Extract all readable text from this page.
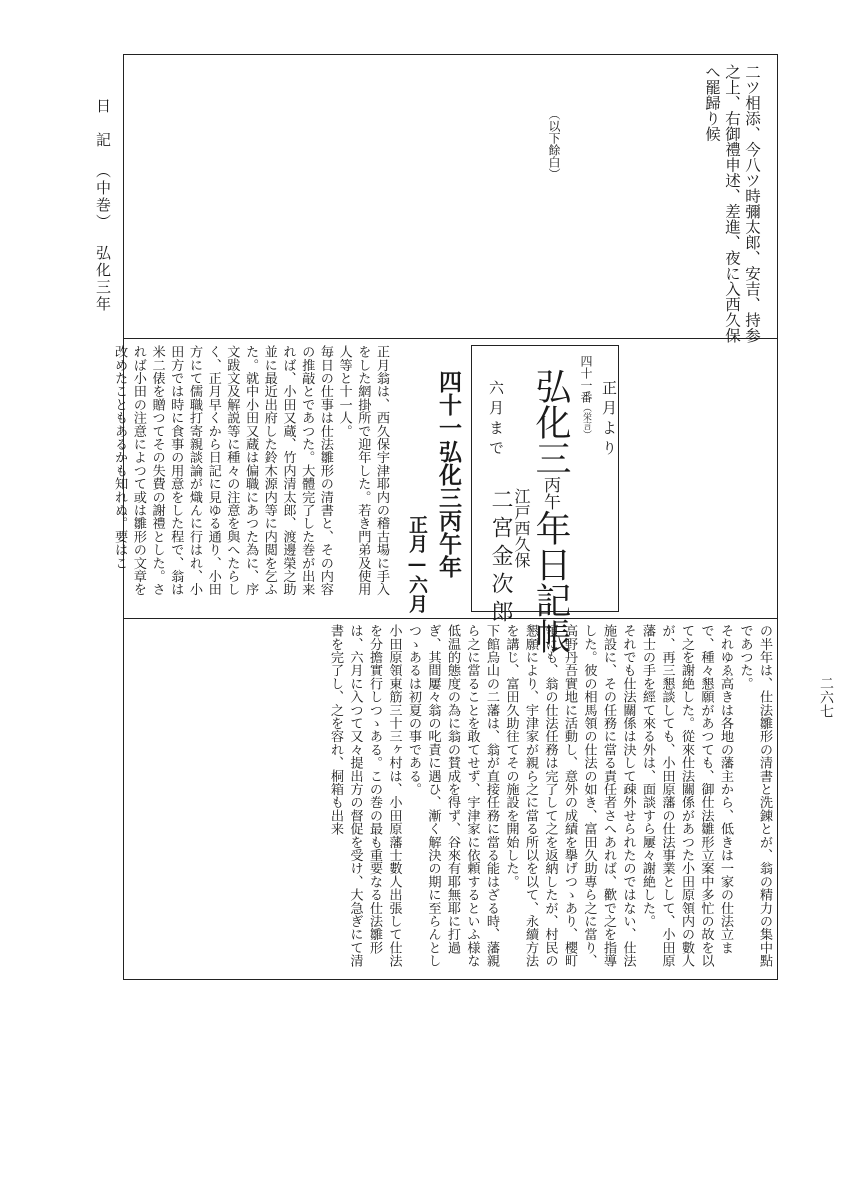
日　記（中巻）弘化三年
二六七
二ツ相添、今八ツ時彌太郎、安吉、持参
之上、右御禮申述、差進、夜に入西久保
へ罷歸り候
（以下餘白）
四十一番（栄言） 正月より
弘化三丙午年日記帳
江戸西久保
二宮金次郎
六月まで
四十一
弘化三丙午年
正月—六月
正月翁は、西久保宇津耶内の稽古場に手入をした網掛所で迎年した。若き門弟及使用人等と十一人。
毎日の仕事は仕法雛形の清書と、その内容の推敲とであつた。大體完了した巻が出来れば、小田又蔵、竹内清太郎、渡邊榮之助並に最近出府した鈴木源内等に内閲を乞ふた。就中小田又蔵は偏職にあつた為に、序文跋文及解説等に種々の注意を與へたらしく、正月早くから日記に見ゆる通り、小田方にて儒職打寄親談論が熾んに行はれ、小田方では時に食事の用意をした程で、翁は米二俵を贈つてその失費の謝禮とした。されば小田の注意によつて或は雛形の文章を改めたこともあるかも知れぬ。要はこ
の半年は、仕法雛形の清書と洗錬とが、翁の精力の集中點であつた。
それゆゑ高きは各地の藩主から、低きは一家の仕法立まで、種々懇願があつても、御仕法雛形立案中多忙の故を以て之を謝絶した。從來仕法關係があつた小田原領内の數人が、再三懇談しても、小田原藩の仕法事業として、小田原藩士の手を經て來る外は、面談すら屢々謝絶した。
それでも仕法關係は決して疎外せられたのではない、仕法施設に、その任務に當る責任者さへあれば、歡で之を指導した。彼の相馬領の仕法の如き、富田久助專ら之に當り、高野丹吾實地に活動し、意外の成績を擧げつゝあり、櫻町領にも、翁の仕法任務は完了して之を返納したが、村民の懇願により、宇津家が親ら之に當る所以を以て、永續方法を講じ、富田久助往てその施設を開始した。
下館烏山の二藩は、翁が直接任務に當る能はざる時、藩親ら之に當ることを敢てせず、宇津家に依頼するといふ様な低温的態度の為に翁の賛成を得ず、谷來有耶無耶に打過ぎ、其間屢々翁の叱責に遇ひ、漸く解決の期に至らんとしつゝあるは初夏の事である。
小田原領東筋三十三ヶ村は、小田原藩士數人出張して仕法を分擔實行しつゝある。この巻の最も重要なる仕法雛形は、六月に入つて又々提出方の督促を受け、大急ぎにて清書を完了し、之を容れ、桐箱も出来
